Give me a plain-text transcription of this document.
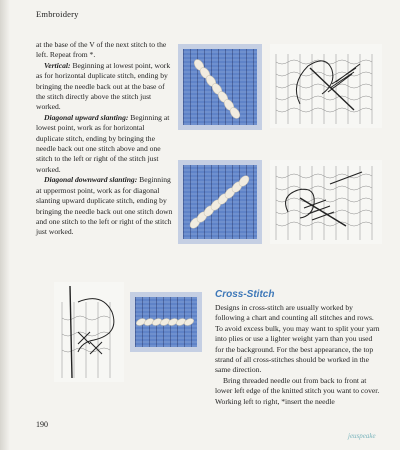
Embroidery

at the base of the V of the next stitch to the left. Repeat from *.

Vertical: Beginning at lowest point, work as for horizontal duplicate stitch, ending by bringing the needle back out at the base of the stitch directly above the stitch just worked.

Diagonal upward slanting: Beginning at lowest point, work as for horizontal duplicate stitch, ending by bringing the needle back out one stitch above and one stitch to the left or right of the stitch just worked.

Diagonal downward slanting: Beginning at uppermost point, work as for diagonal slanting upward duplicate stitch, ending by bringing the needle back out one stitch down and one stitch to the left or right of the stitch just worked.

Cross-Stitch

Designs in cross-stitch are usually worked by following a chart and counting all stitches and rows. To avoid excess bulk, you may want to split your yarn into plies or use a lighter weight yarn than you used for the background. For the best appearance, the top strand of all cross-stitches should be worked in the same direction.

Bring threaded needle out from back to front at lower left edge of the knitted stitch you want to cover. Working left to right, *insert the needle

190
jeuspeake
